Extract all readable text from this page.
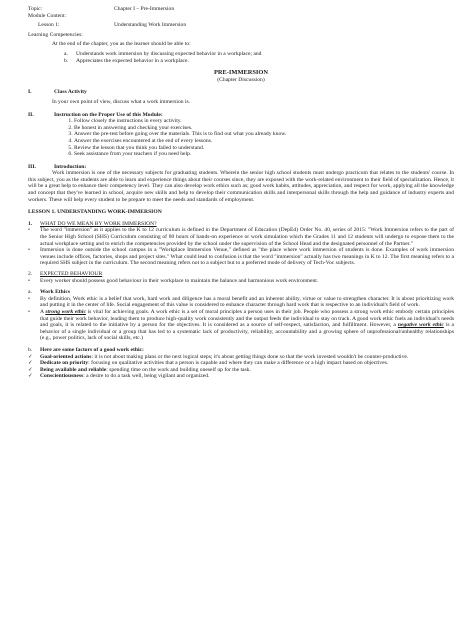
Topic:	Chapter I – Pre-Immersion
Module Content:
Lesson 1:	Understanding Work Immersion
Learning Competencies:
At the end of the chapter, you as the learner should be able to:
a.	Understands work immersion by discussing expected behavior in a workplace; and
b.	Appreciates the expected behavior in a workplace.
PRE-IMMERSION
(Chapter Discussion)
I.	Class Activity
In your own point of view, discuss what a work immersion is.
II.	Instruction on the Proper Use of this Module:
1. Follow closely the instructions in every activity.
2. Be honest in answering and checking your exercises.
3. Answer the pre-test before going over the materials. This is to find out what you already know.
4. Answer the exercises encountered at the end of every lessons.
5. Review the lesson that you think you failed to understand.
6. Seek assistance from your teachers if you need help.
III.	Introduction:
Work immersion is one of the necessary subjects for graduating students. Wherein the senior high school students must undergo practicum that relates to the students' course. In this subject, you as the students are able to learn and experience things about their courses since, they are exposed with the work-related environment to their field of specialization. Hence, it will be a great help to enhance their competency level. They can also develop work ethics such as; good work habits, attitudes, appreciation, and respect for work, applying all the knowledge and concept that they've learned in school, acquire new skills and help to develop their communication skills and interpersonal skills through the help and guidance of industry experts and workers. These will help every student to be prepare to meet the needs and standards of employment.
LESSON 1. UNDERSTANDING WORK-IMMERSION
1.	WHAT DO WE MEAN BY WORK IMMERSION?
•	The word "immersion" as it applies to the K to 12 curriculum is defined in the Department of Education (DepEd) Order No. 40, series of 2015: "Work Immersion refers to the part of the Senior High School (SHS) Curriculum consisting of 80 hours of hands-on experience or work simulation which the Grades 11 and 12 students will undergo to expose them to the actual workplace setting and to enrich the competencies provided by the school under the supervision of the School Head and the designated personnel of the Partner."
•	Immersion is done outside the school campus in a "Workplace Immersion Venue," defined as "the place where work immersion of students is done. Examples of work immersion venues include offices, factories, shops and project sites." What could lead to confusion is that the word "immersion" actually has two meanings in K to 12. The first meaning refers to a required SHS subject in the curriculum. The second meaning refers not to a subject but to a preferred mode of delivery of Tech-Voc subjects.
2.	EXPECTED BEHAVIOUR
•	Every worker should possess good behaviour in their workplace to maintain the balance and harmonious work environment.
a.	Work Ethics
•	By definition, Work ethic is a belief that work, hard work and diligence has a moral benefit and an inherent ability, virtue or value to strengthen character. It is about prioritizing work and putting it in the center of life. Social engagement of this value is considered to enhance character through hard work that is respective to an individual's field of work.
•	A strong work ethic is vital for achieving goals. A work ethic is a set of moral principles a person uses in their job. People who possess a strong work ethic embody certain principles that guide their work behavior, leading them to produce high-quality work consistently and the output feeds the individual to stay on track. A good work ethic fuels an individual's needs and goals, it is related to the initiative by a person for the objectives. It is considered as a source of self-respect, satisfaction, and fulfillment. However, a negative work ethic is a behavior of a single individual or a group that has led to a systematic lack of productivity, reliability, accountability and a growing sphere of unprofessional/unhealthy relationships (e.g., power politics, lack of social skills, etc.)
b.	Here are some factors of a good work ethic:
✓	Goal-oriented actions: it is not about making plans or the next logical steps; it's about getting things done so that the work invested wouldn't be counter-productive.
✓	Dedicate on priority: focusing on qualitative activities that a person is capable and where they can make a difference or a high impact based on objectives.
✓	Being available and reliable: spending time on the work and building oneself up for the task.
✓	Conscientiousness: a desire to do a task well, being vigilant and organized.
